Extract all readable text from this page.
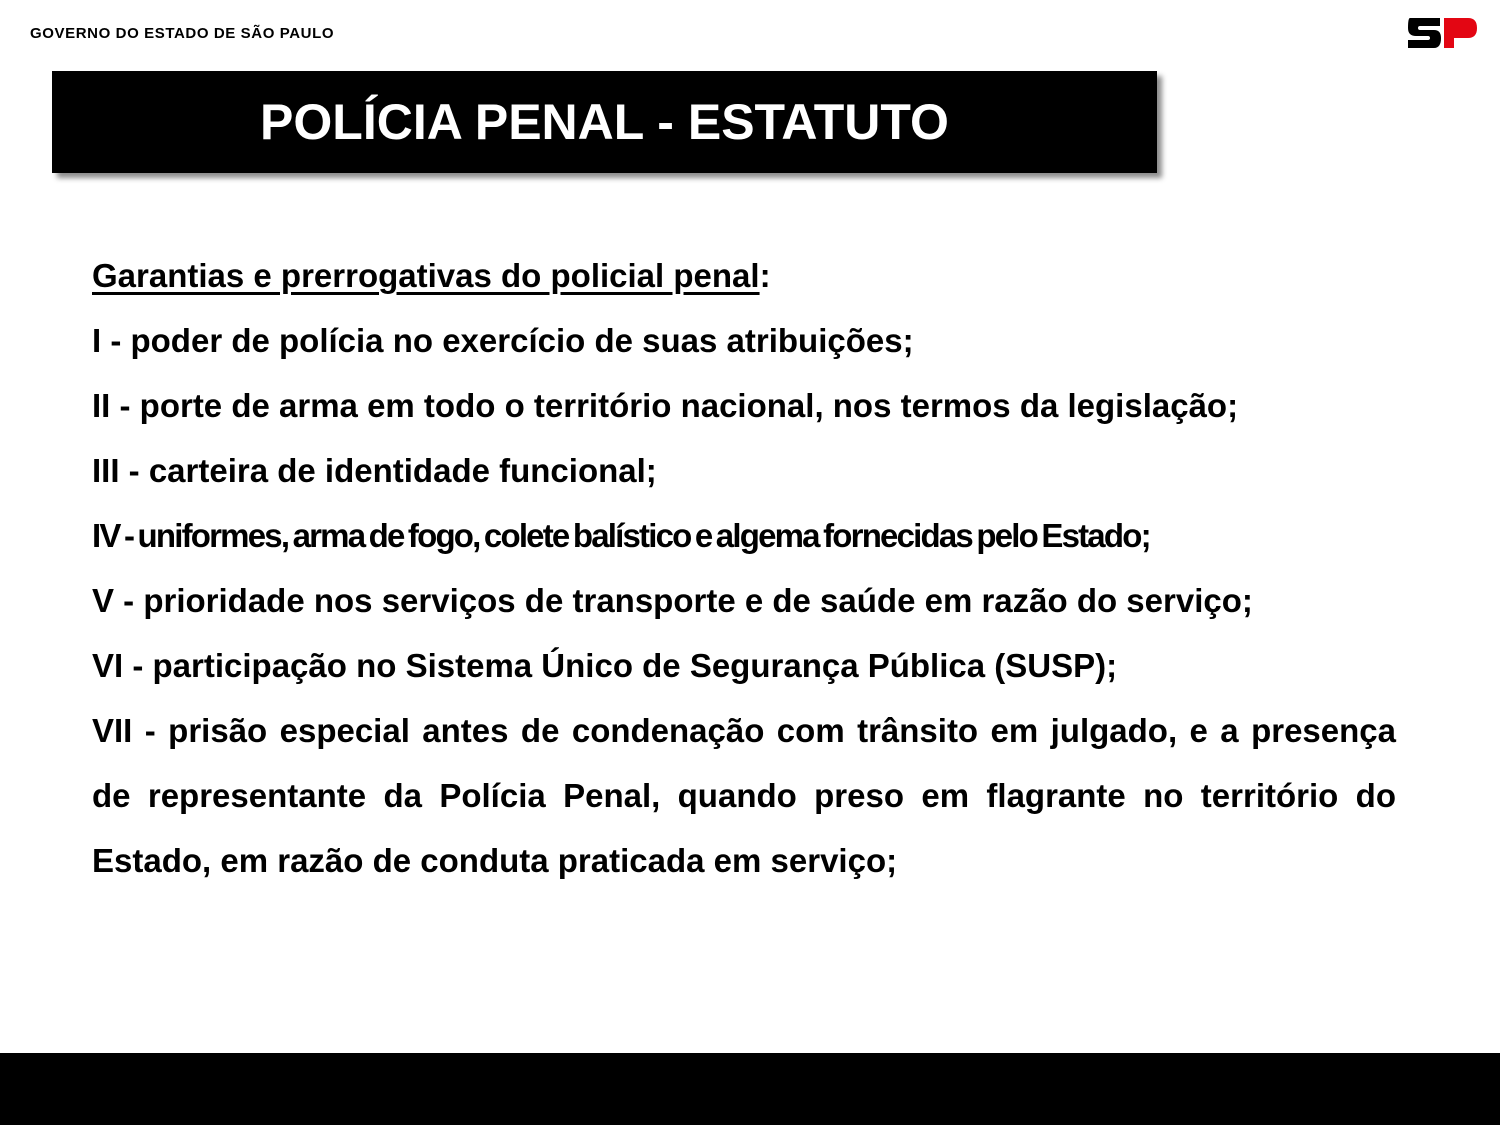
GOVERNO DO ESTADO DE SÃO PAULO
POLÍCIA PENAL - ESTATUTO
Garantias e prerrogativas do policial penal:
I - poder de polícia no exercício de suas atribuições;
II - porte de arma em todo o território nacional, nos termos da legislação;
III - carteira de identidade funcional;
IV - uniformes, arma de fogo, colete balístico e algema fornecidas pelo Estado;
V - prioridade nos serviços de transporte e de saúde em razão do serviço;
VI - participação no Sistema Único de Segurança Pública (SUSP);
VII - prisão especial antes de condenação com trânsito em julgado, e a presença de representante da Polícia Penal, quando preso em flagrante no território do Estado, em razão de conduta praticada em serviço;
